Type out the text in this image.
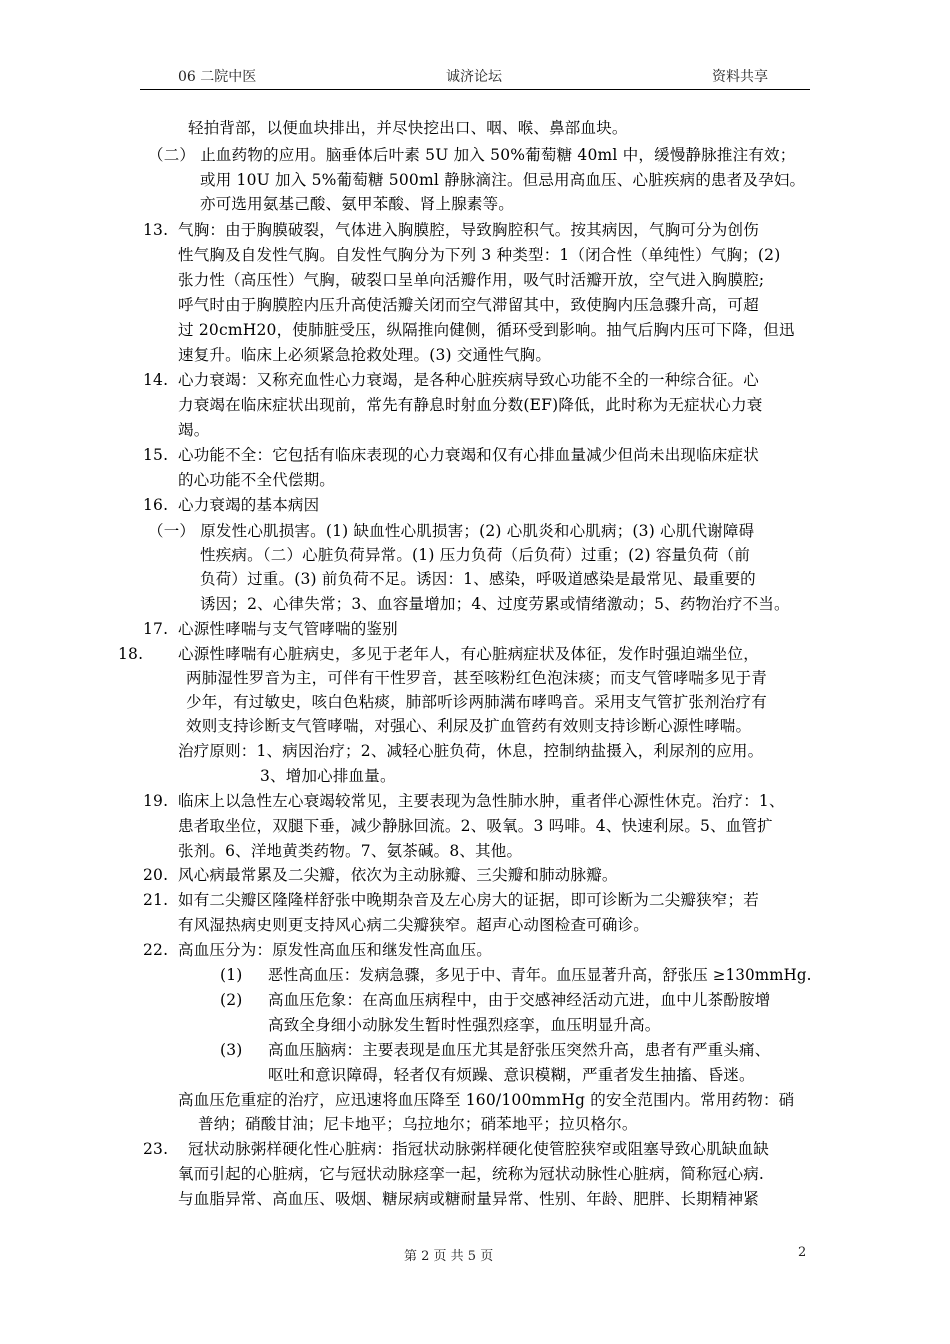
06 二院中医	诚济论坛	资料共享
轻拍背部，以便血块排出，并尽快挖出口、咽、喉、鼻部血块。
（二） 止血药物的应用。脑垂体后叶素 5U 加入 50%葡萄糖 40ml 中，缓慢静脉推注有效；
或用 10U 加入 5%葡萄糖 500ml 静脉滴注。但忌用高血压、心脏疾病的患者及孕妇。
亦可选用氨基己酸、氨甲苯酸、肾上腺素等。
13. 气胸：由于胸膜破裂，气体进入胸膜腔，导致胸腔积气。按其病因，气胸可分为创伤
性气胸及自发性气胸。自发性气胸分为下列 3 种类型：1（闭合性（单纯性）气胸；(2)
张力性（高压性）气胸，破裂口呈单向活瓣作用，吸气时活瓣开放，空气进入胸膜腔;
呼气时由于胸膜腔内压升高使活瓣关闭而空气滞留其中，致使胸内压急骤升高，可超
过 20cmH20，使肺脏受压，纵隔推向健侧，循环受到影响。抽气后胸内压可下降，但迅
速复升。临床上必须紧急抢救处理。(3) 交通性气胸。
14. 心力衰竭：又称充血性心力衰竭，是各种心脏疾病导致心功能不全的一种综合征。心
力衰竭在临床症状出现前，常先有静息时射血分数(EF)降低，此时称为无症状心力衰
竭。
15. 心功能不全：它包括有临床表现的心力衰竭和仅有心排血量减少但尚未出现临床症状
的心功能不全代偿期。
16. 心力衰竭的基本病因
（一） 原发性心肌损害。(1) 缺血性心肌损害；(2) 心肌炎和心肌病；(3) 心肌代谢障碍
性疾病。（二）心脏负荷异常。(1) 压力负荷（后负荷）过重；(2) 容量负荷（前
负荷）过重。(3) 前负荷不足。诱因：1、感染，呼吸道感染是最常见、最重要的
诱因；2、心律失常；3、血容量增加；4、过度劳累或情绪激动；5、药物治疗不当。
17. 心源性哮喘与支气管哮喘的鉴别
18. 心源性哮喘有心脏病史，多见于老年人，有心脏病症状及体征，发作时强迫端坐位，
两肺湿性罗音为主，可伴有干性罗音，甚至咳粉红色泡沫痰；而支气管哮喘多见于青
少年，有过敏史，咳白色粘痰，肺部听诊两肺满布哮鸣音。采用支气管扩张剂治疗有
效则支持诊断支气管哮喘，对强心、利尿及扩血管药有效则支持诊断心源性哮喘。
治疗原则：1、病因治疗；2、减轻心脏负荷，休息，控制纳盐摄入，利尿剂的应用。
3、增加心排血量。
19. 临床上以急性左心衰竭较常见，主要表现为急性肺水肿，重者伴心源性休克。治疗：1、
患者取坐位，双腿下垂，减少静脉回流。2、吸氧。3 吗啡。4、快速利尿。5、血管扩
张剂。6、洋地黄类药物。7、氨茶碱。8、其他。
20. 风心病最常累及二尖瓣，依次为主动脉瓣、三尖瓣和肺动脉瓣。
21. 如有二尖瓣区隆隆样舒张中晚期杂音及左心房大的证据，即可诊断为二尖瓣狭窄；若
有风湿热病史则更支持风心病二尖瓣狭窄。超声心动图检查可确诊。
22. 高血压分为：原发性高血压和继发性高血压。
(1) 恶性高血压：发病急骤，多见于中、青年。血压显著升高，舒张压 ≥130mmHg.
(2) 高血压危象：在高血压病程中，由于交感神经活动亢进，血中儿茶酚胺增
高致全身细小动脉发生暂时性强烈痉挛，血压明显升高。
(3) 高血压脑病：主要表现是血压尤其是舒张压突然升高，患者有严重头痛、
呕吐和意识障碍，轻者仅有烦躁、意识模糊，严重者发生抽搐、昏迷。
高血压危重症的治疗，应迅速将血压降至 160/100mmHg 的安全范围内。常用药物：硝
普纳；硝酸甘油；尼卡地平；乌拉地尔；硝苯地平；拉贝格尔。
23. 冠状动脉粥样硬化性心脏病：指冠状动脉粥样硬化使管腔狭窄或阻塞导致心肌缺血缺
氧而引起的心脏病，它与冠状动脉痉挛一起，统称为冠状动脉性心脏病，简称冠心病.
与血脂异常、高血压、吸烟、糖尿病或糖耐量异常、性别、年龄、肥胖、长期精神紧
第 2 页 共 5 页	2
